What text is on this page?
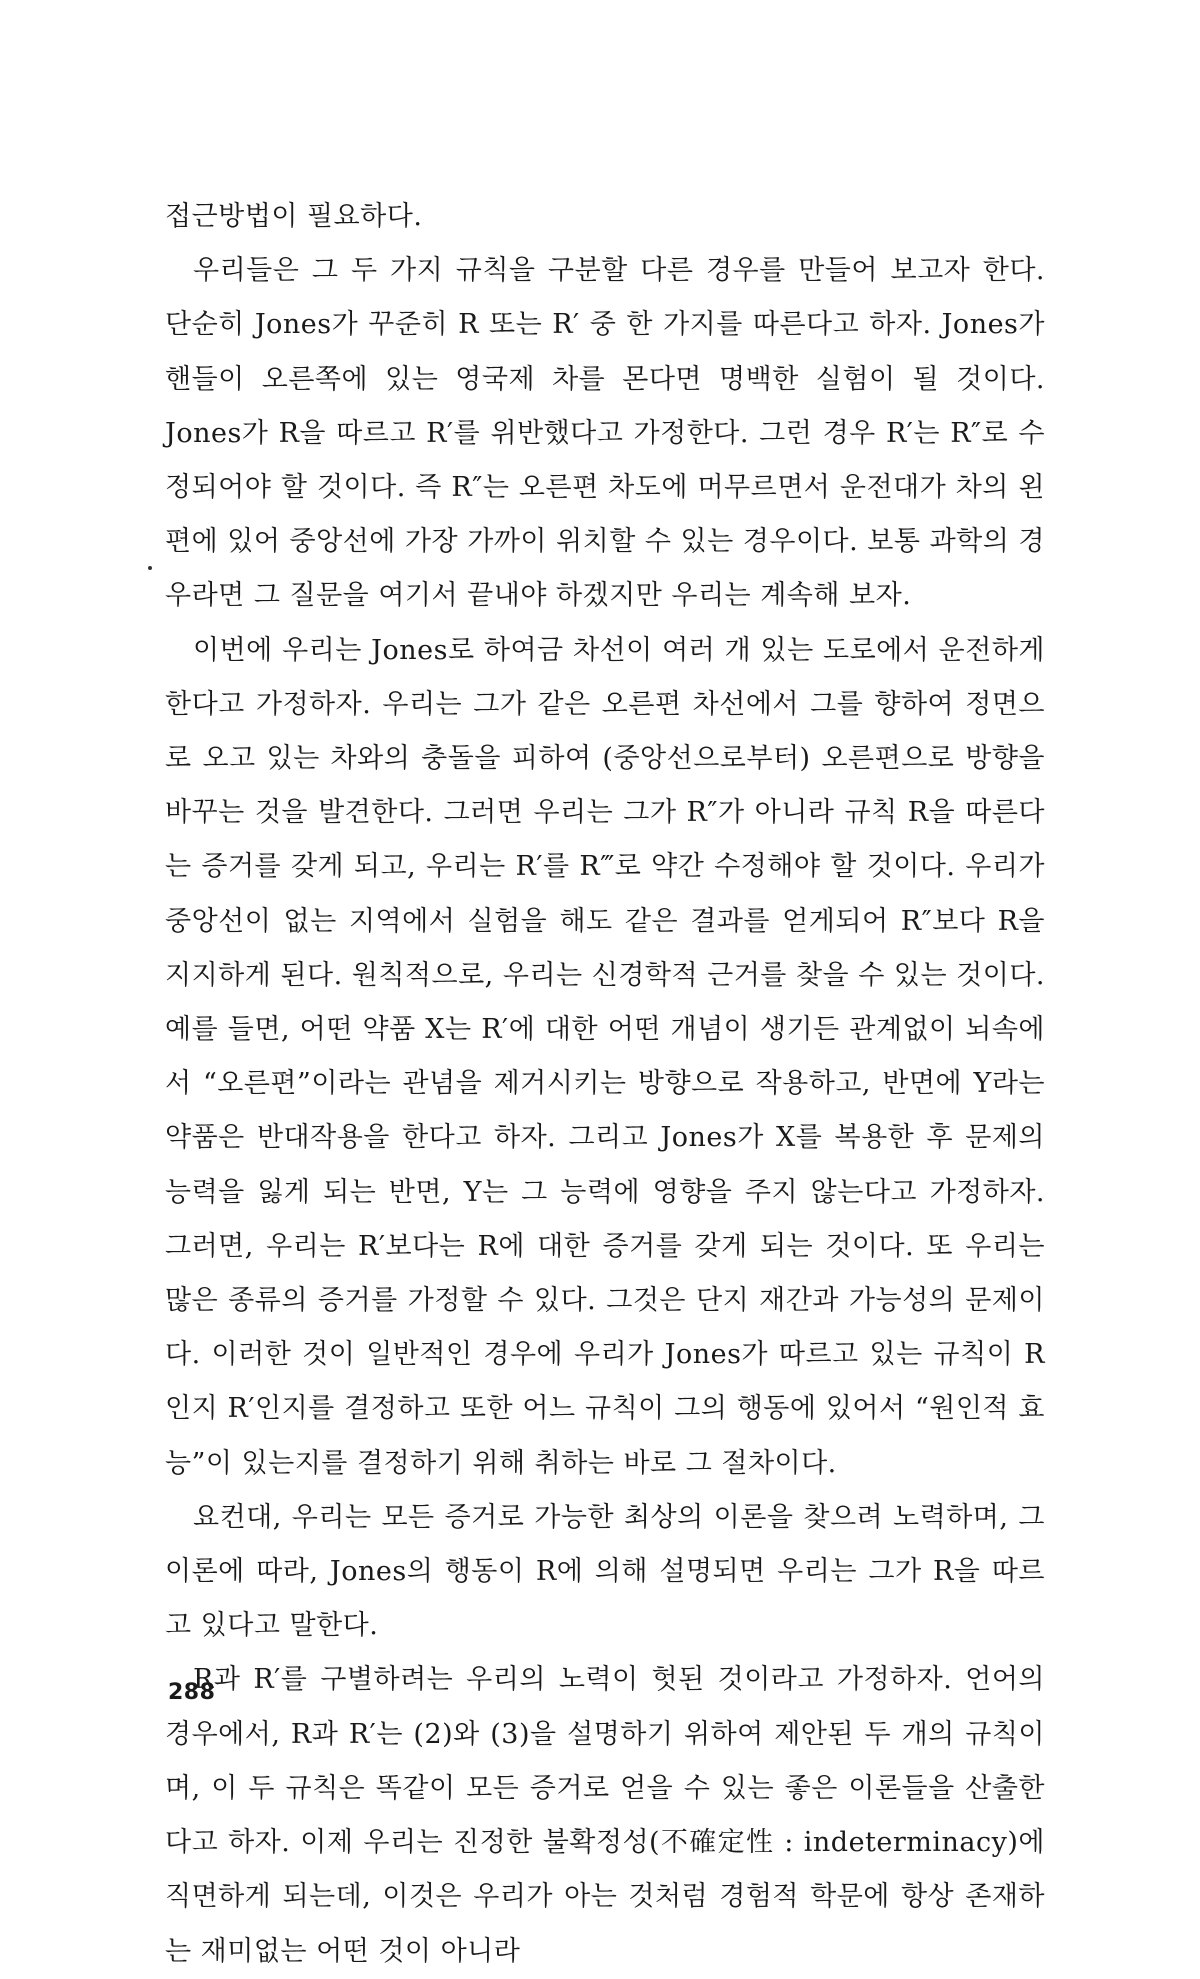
접근방법이 필요하다.

우리들은 그 두 가지 규칙을 구분할 다른 경우를 만들어 보고자 한다. 단순히 Jones가 꾸준히 R 또는 R′ 중 한 가지를 따른다고 하자. Jones가 핸들이 오른쪽에 있는 영국제 차를 몬다면 명백한 실험이 될 것이다. Jones가 R을 따르고 R′를 위반했다고 가정한다. 그런 경우 R′는 R″로 수정되어야 할 것이다. 즉 R″는 오른편 차도에 머무르면서 운전대가 차의 왼편에 있어 중앙선에 가장 가까이 위치할 수 있는 경우이다. 보통 과학의 경우라면 그 질문을 여기서 끝내야 하겠지만 우리는 계속해 보자.

이번에 우리는 Jones로 하여금 차선이 여러 개 있는 도로에서 운전하게 한다고 가정하자. 우리는 그가 같은 오른편 차선에서 그를 향하여 정면으로 오고 있는 차와의 충돌을 피하여 (중앙선으로부터) 오른편으로 방향을 바꾸는 것을 발견한다. 그러면 우리는 그가 R″가 아니라 규칙 R을 따른다는 증거를 갖게 되고, 우리는 R′를 R‴로 약간 수정해야 할 것이다. 우리가 중앙선이 없는 지역에서 실험을 해도 같은 결과를 얻게되어 R″보다 R을 지지하게 된다. 원칙적으로, 우리는 신경학적 근거를 찾을 수 있는 것이다. 예를 들면, 어떤 약품 X는 R′에 대한 어떤 개념이 생기든 관계없이 뇌속에서 “오른편”이라는 관념을 제거시키는 방향으로 작용하고, 반면에 Y라는 약품은 반대작용을 한다고 하자. 그리고 Jones가 X를 복용한 후 문제의 능력을 잃게 되는 반면, Y는 그 능력에 영향을 주지 않는다고 가정하자. 그러면, 우리는 R′보다는 R에 대한 증거를 갖게 되는 것이다. 또 우리는 많은 종류의 증거를 가정할 수 있다. 그것은 단지 재간과 가능성의 문제이다. 이러한 것이 일반적인 경우에 우리가 Jones가 따르고 있는 규칙이 R인지 R′인지를 결정하고 또한 어느 규칙이 그의 행동에 있어서 “원인적 효능”이 있는지를 결정하기 위해 취하는 바로 그 절차이다.

요컨대, 우리는 모든 증거로 가능한 최상의 이론을 찾으려 노력하며, 그 이론에 따라, Jones의 행동이 R에 의해 설명되면 우리는 그가 R을 따르고 있다고 말한다.

R과 R′를 구별하려는 우리의 노력이 헛된 것이라고 가정하자. 언어의 경우에서, R과 R′는 (2)와 (3)을 설명하기 위하여 제안된 두 개의 규칙이며, 이 두 규칙은 똑같이 모든 증거로 얻을 수 있는 좋은 이론들을 산출한다고 하자. 이제 우리는 진정한 불확정성(不確定性 : indeterminacy)에 직면하게 되는데, 이것은 우리가 아는 것처럼 경험적 학문에 항상 존재하는 재미없는 어떤 것이 아니라

288
